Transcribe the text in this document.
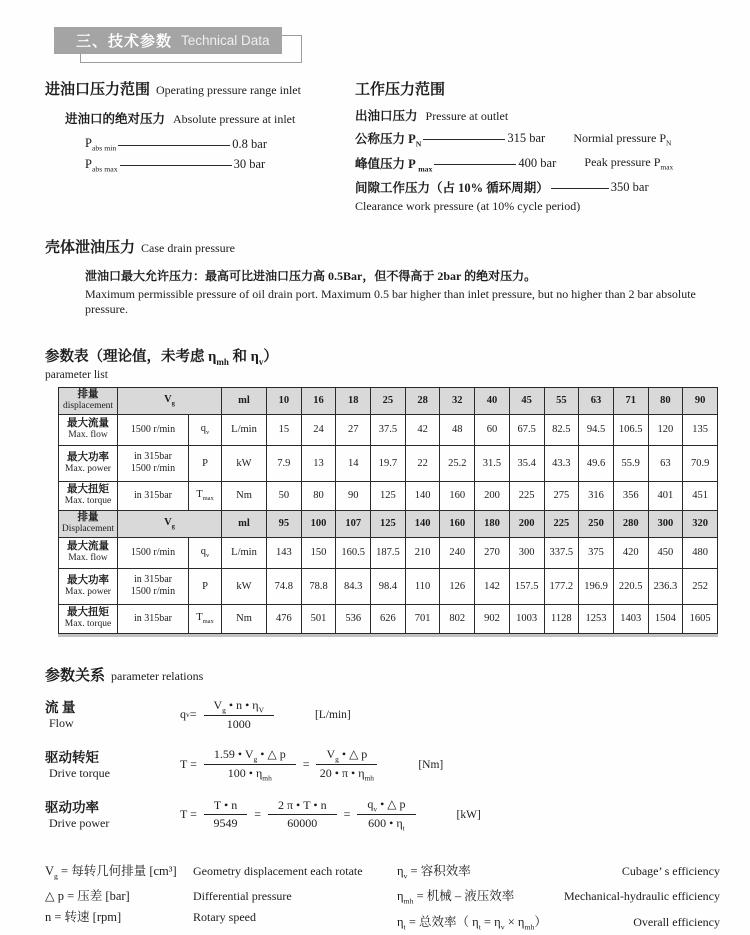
三、技术参数 Technical Data
进油口压力范围 Operating pressure range inlet
进油口的绝对压力 Absolute pressure at inlet
$P_{abs min}$	0.8 bar
$P_{abs max}$	30 bar
工作压力范围
出油口压力 Pressure at outlet
公称压力 $P_N$	315 bar	Normial pressure $P_N$
峰值压力 P $_{max}$	400 bar	Peak pressure $P_{max}$
间隙工作压力（占 10% 循环周期）	350 bar
Clearance work pressure (at 10% cycle period)
壳体泄油压力 Case drain pressure
泄油口最大允许压力：最高可比进油口压力高 0.5Bar，但不得高于 2bar 的绝对压力。
Maximum permissible pressure of oil drain port. Maximum 0.5 bar higher than inlet pressure, but no higher than 2 bar absolute pressure.
参数表（理论值，未考虑 $\eta_{mh}$ 和 $\eta_v$）
parameter list
排量
displacement	$V_g$		ml	10	16	18	25	28	32	40	45	55	63	71	80	90

最大流量
Max. flow	1500 r/min	$q_v$	L/min	15	24	27	37.5	42	48	60	67.5	82.5	94.5	106.5	120	135

最大功率
Max. power
	in 315bar
1500 r/min	P	kW	7.9	13	14	19.7	22	25.2	31.5	35.4	43.3	49.6	55.9	63	70.9

最大扭矩
Max. torque	in 315bar	$T_{max}$	Nm	50	80	90	125	140	160	200	225	275	316	356	401	451

排量
Displacement	$V_g$		ml	95	100	107	125	140	160	180	200	225	250	280	300	320

最大流量
Max. flow	1500 r/min	$q_v$	L/min	143	150	160.5	187.5	210	240	270	300	337.5	375	420	450	480

最大功率
Max. power
	in 315bar
1500 r/min	P	kW	74.8	78.8	84.3	98.4	110	126	142	157.5	177.2	196.9	220.5	236.3	252

最大扭矩
Max. torque	in 315bar	$T_{max}$	Nm	476	501	536	626	701	802	902	1003	1128	1253	1403	1504	1605
参数关系 parameter relations
流 量
Flow
q $v = \frac{V_g • n • \eta_V}{1000}$	[L/min]
驱动转矩
Drive torque
$T = \frac{1.59 • V_g • \triangle p}{100 • \eta_{mh}} = \frac{V_g • \triangle p}{20 • \pi • \eta_{mh}}$	[Nm]
驱动功率
Drive power
$T = \frac{T • n}{9549} = \frac{2 \pi • T • n}{60000} = \frac{q_v • \triangle p}{600 • \eta_t}$	[kW]
$V_g$ = 每转几何排量 [cm³]	Geometry displacement each rotate
△ p = 压差 [bar]	Differential pressure
n = 转速 [rpm]	Rotary speed
$\eta_v$ = 容积效率	Cubage’ s efficiency
$\eta_{mh}$ = 机械 – 液压效率	Mechanical-hydraulic efficiency
$\eta_t$ = 总效率（ $\eta_t = \eta_v \times \eta_{mh}$）	Overall efficiency
